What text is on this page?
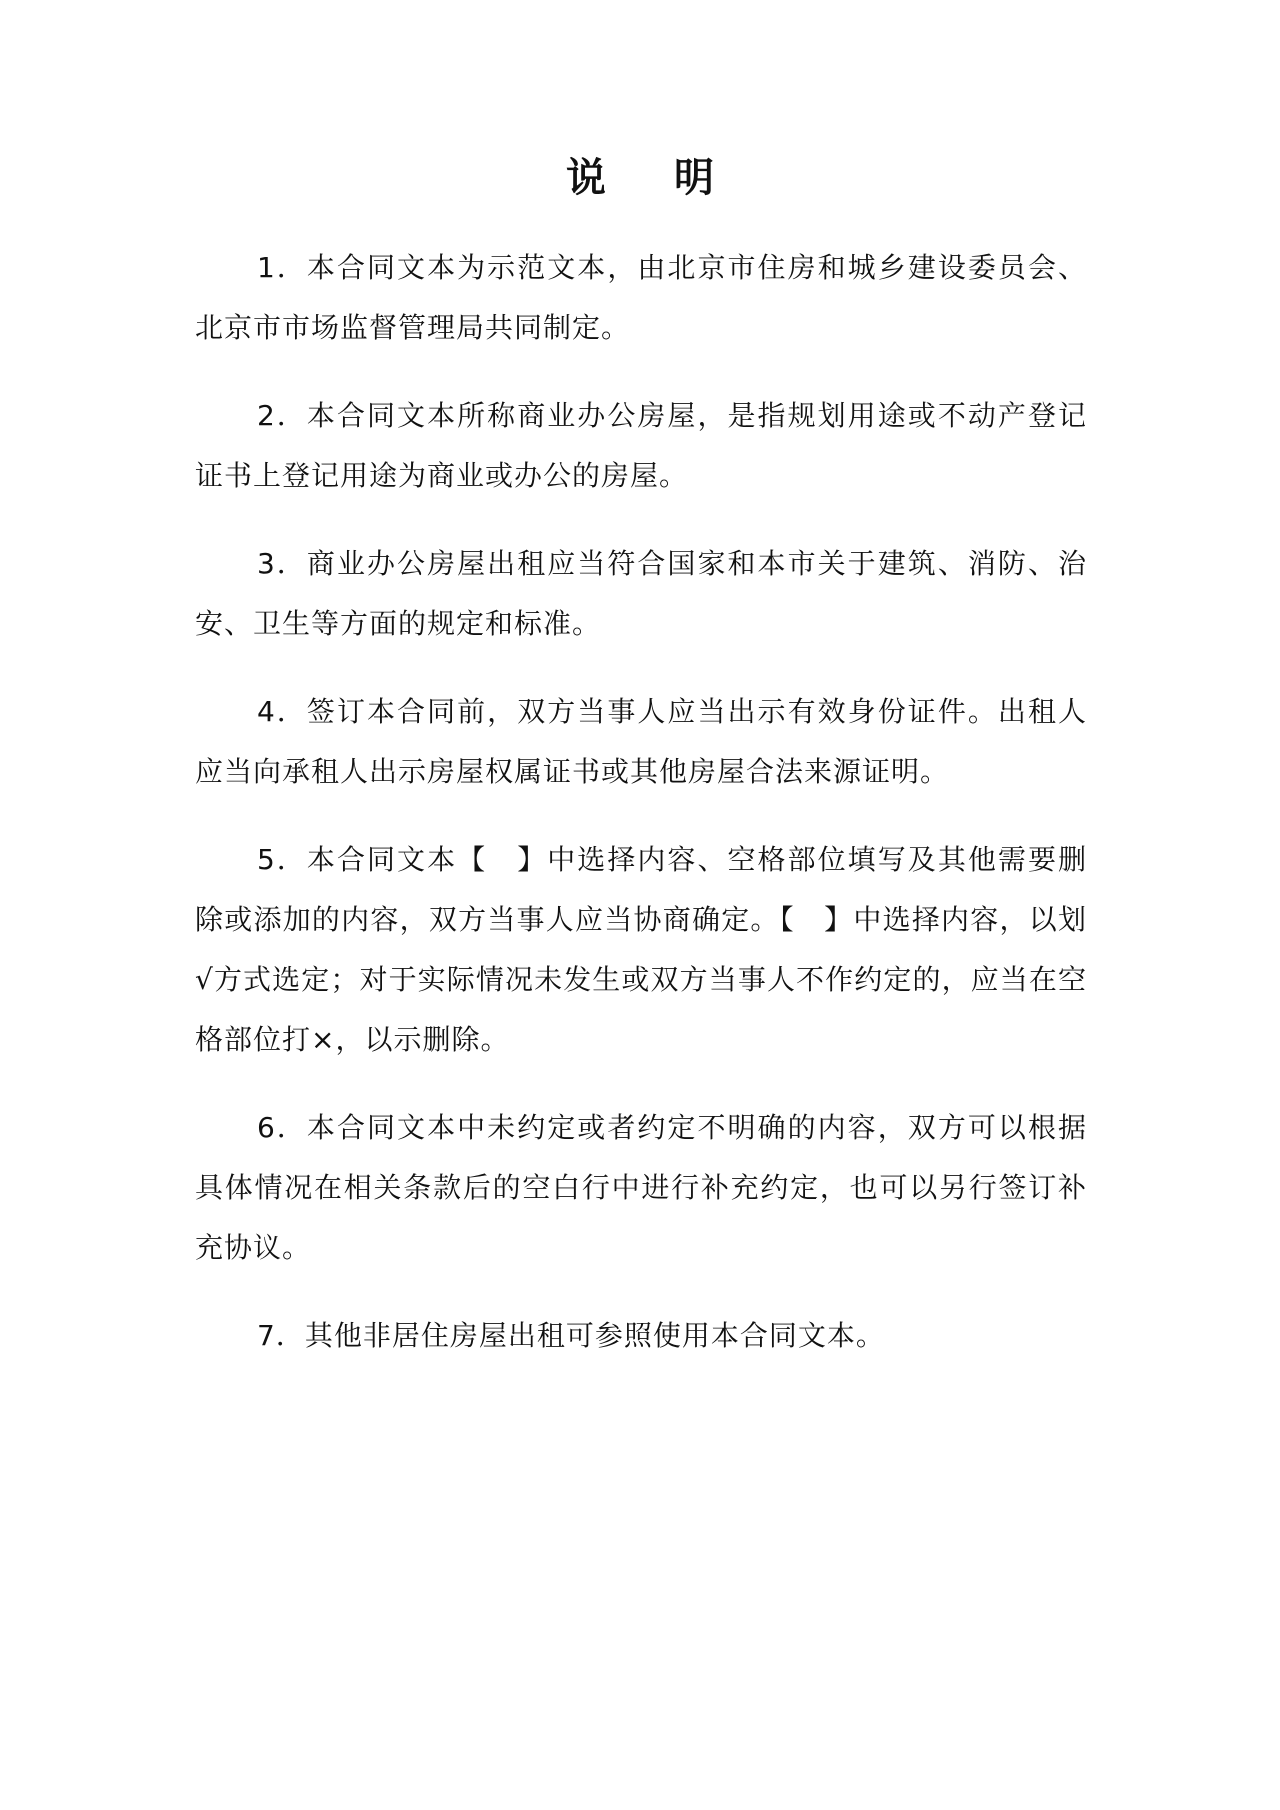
说明

1．本合同文本为示范文本，由北京市住房和城乡建设委员会、北京市市场监督管理局共同制定。

2．本合同文本所称商业办公房屋，是指规划用途或不动产登记证书上登记用途为商业或办公的房屋。

3．商业办公房屋出租应当符合国家和本市关于建筑、消防、治安、卫生等方面的规定和标准。

4．签订本合同前，双方当事人应当出示有效身份证件。出租人应当向承租人出示房屋权属证书或其他房屋合法来源证明。

5．本合同文本【　】中选择内容、空格部位填写及其他需要删除或添加的内容，双方当事人应当协商确定。【　】中选择内容，以划√方式选定；对于实际情况未发生或双方当事人不作约定的，应当在空格部位打×，以示删除。

6．本合同文本中未约定或者约定不明确的内容，双方可以根据具体情况在相关条款后的空白行中进行补充约定，也可以另行签订补充协议。

7．其他非居住房屋出租可参照使用本合同文本。
